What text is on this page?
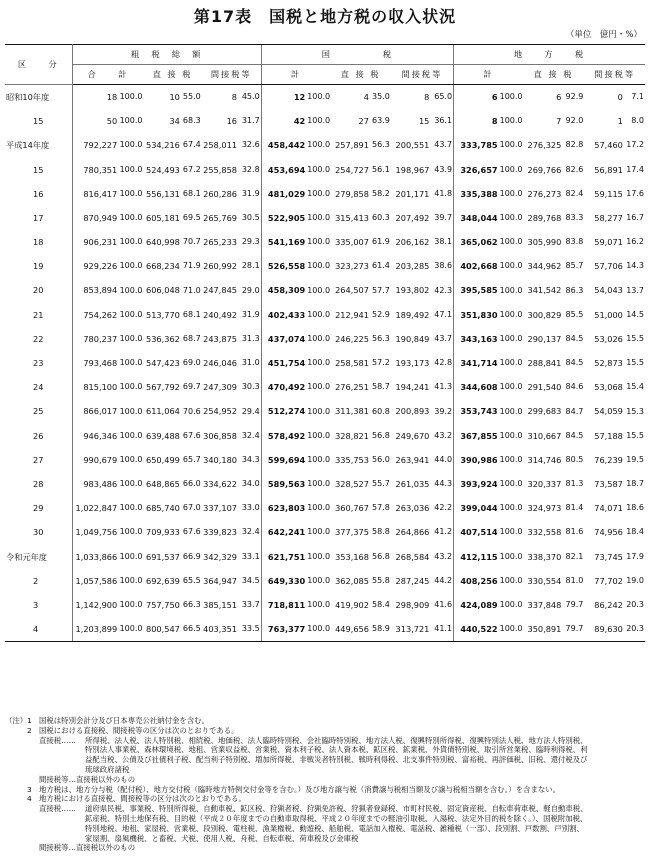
第17表　国税と地方税の収入状況
（単位　億円・%）
区　　分	粗　税　総　額						国　　　　　税						地　　方　　税					
	合　　計		直 接 税		間接税等		計		直 接 税		間接税等		計		直 接 税		間接税等	
昭和10年度	18	100.0	10	55.0	8	45.0	12	100.0	4	35.0	8	65.0	6	100.0	6	92.9	0	7.1
15	50	100.0	34	68.3	16	31.7	42	100.0	27	63.9	15	36.1	8	100.0	7	92.0	1	8.0
平成14年度	792,227	100.0	534,216	67.4	258,011	32.6	458,442	100.0	257,891	56.3	200,551	43.7	333,785	100.0	276,325	82.8	57,460	17.2
15	780,351	100.0	524,493	67.2	255,858	32.8	453,694	100.0	254,727	56.1	198,967	43.9	326,657	100.0	269,766	82.6	56,891	17.4
16	816,417	100.0	556,131	68.1	260,286	31.9	481,029	100.0	279,858	58.2	201,171	41.8	335,388	100.0	276,273	82.4	59,115	17.6
17	870,949	100.0	605,181	69.5	265,769	30.5	522,905	100.0	315,413	60.3	207,492	39.7	348,044	100.0	289,768	83.3	58,277	16.7
18	906,231	100.0	640,998	70.7	265,233	29.3	541,169	100.0	335,007	61.9	206,162	38.1	365,062	100.0	305,990	83.8	59,071	16.2
19	929,226	100.0	668,234	71.9	260,992	28.1	526,558	100.0	323,273	61.4	203,285	38.6	402,668	100.0	344,962	85.7	57,706	14.3
20	853,894	100.0	606,048	71.0	247,845	29.0	458,309	100.0	264,507	57.7	193,802	42.3	395,585	100.0	341,542	86.3	54,043	13.7
21	754,262	100.0	513,770	68.1	240,492	31.9	402,433	100.0	212,941	52.9	189,492	47.1	351,830	100.0	300,829	85.5	51,000	14.5
22	780,237	100.0	536,362	68.7	243,875	31.3	437,074	100.0	246,225	56.3	190,849	43.7	343,163	100.0	290,137	84.5	53,026	15.5
23	793,468	100.0	547,423	69.0	246,046	31.0	451,754	100.0	258,581	57.2	193,173	42.8	341,714	100.0	288,841	84.5	52,873	15.5
24	815,100	100.0	567,792	69.7	247,309	30.3	470,492	100.0	276,251	58.7	194,241	41.3	344,608	100.0	291,540	84.6	53,068	15.4
25	866,017	100.0	611,064	70.6	254,952	29.4	512,274	100.0	311,381	60.8	200,893	39.2	353,743	100.0	299,683	84.7	54,059	15.3
26	946,346	100.0	639,488	67.6	306,858	32.4	578,492	100.0	328,821	56.8	249,670	43.2	367,855	100.0	310,667	84.5	57,188	15.5
27	990,679	100.0	650,499	65.7	340,180	34.3	599,694	100.0	335,753	56.0	263,941	44.0	390,986	100.0	314,746	80.5	76,239	19.5
28	983,486	100.0	648,865	66.0	334,622	34.0	589,563	100.0	328,527	55.7	261,035	44.3	393,924	100.0	320,337	81.3	73,587	18.7
29	1,022,847	100.0	685,740	67.0	337,107	33.0	623,803	100.0	360,767	57.8	263,036	42.2	399,044	100.0	324,973	81.4	74,071	18.6
30	1,049,756	100.0	709,933	67.6	339,823	32.4	642,241	100.0	377,375	58.8	264,866	41.2	407,514	100.0	332,558	81.6	74,956	18.4
令和元年度	1,033,866	100.0	691,537	66.9	342,329	33.1	621,751	100.0	353,168	56.8	268,584	43.2	412,115	100.0	338,370	82.1	73,745	17.9
2	1,057,586	100.0	692,639	65.5	364,947	34.5	649,330	100.0	362,085	55.8	287,245	44.2	408,256	100.0	330,554	81.0	77,702	19.0
3	1,142,900	100.0	757,750	66.3	385,151	33.7	718,811	100.0	419,902	58.4	298,909	41.6	424,089	100.0	337,848	79.7	86,242	20.3
4	1,203,899	100.0	800,547	66.5	403,351	33.5	763,377	100.0	449,656	58.9	313,721	41.1	440,522	100.0	350,891	79.7	89,630	20.3
（注） 1 国税は特別会計分及び日本専売公社納付金を含む。
2 国税における直接税、間接税等の区分は次のとおりである。
直接税……	所得税、法人税、法人特別税、相続税、地価税、法人臨時特別税、会社臨時特別税、地方法人税、復興特別所得税、復興特別法人税、地方法人特別税、
特別法人事業税、森林環境税、地租、営業収益税、営業税、資本利子税、法人資本税、鉱区税、鉱業税、外貨債特別税、取引所営業税、臨時利得税、利
益配当税、公債及び社債利子税、配当利子特別税、増加所得税、非戦災者特別税、戦時利得税、北支事件特別税、富裕税、再評価税、旧税、還付税及び
琉球政府諸税
間接税等…直接税以外のもの
3 地方税は、地方分与税（配付税）、地方交付税（臨時地方特例交付金等を含む。）及び地方譲与税（消費譲与税相当額及び譲与税相当額を含む。）を含まない。
4 地方税における直接税、間接税等の区分は次のとおりである。
直接税……	道府県民税、事業税、特別所得税、自動車税、鉱区税、狩猟者税、狩猟免許税、狩猟者登録税、市町村民税、固定資産税、自転車荷車税、軽自動車税、
鉱産税、特別土地保有税、目的税（平成２０年度までの自動車取得税、平成２０年度までの軽油引取税、入湯税、法定外目的税を除く。）、国税附加税、
特別地税、地租、家屋税、営業税、段別税、電柱税、漁業権税、動遊税、船舶税、電話加入権税、電話税、雑種税（一部）、段別割、戸数割、戸別割、
家屋割、扇風機税、と畜税、犬税、使用人税、舟税、自転車税、荷車税及び金庫税
間接税等…直接税以外のもの
